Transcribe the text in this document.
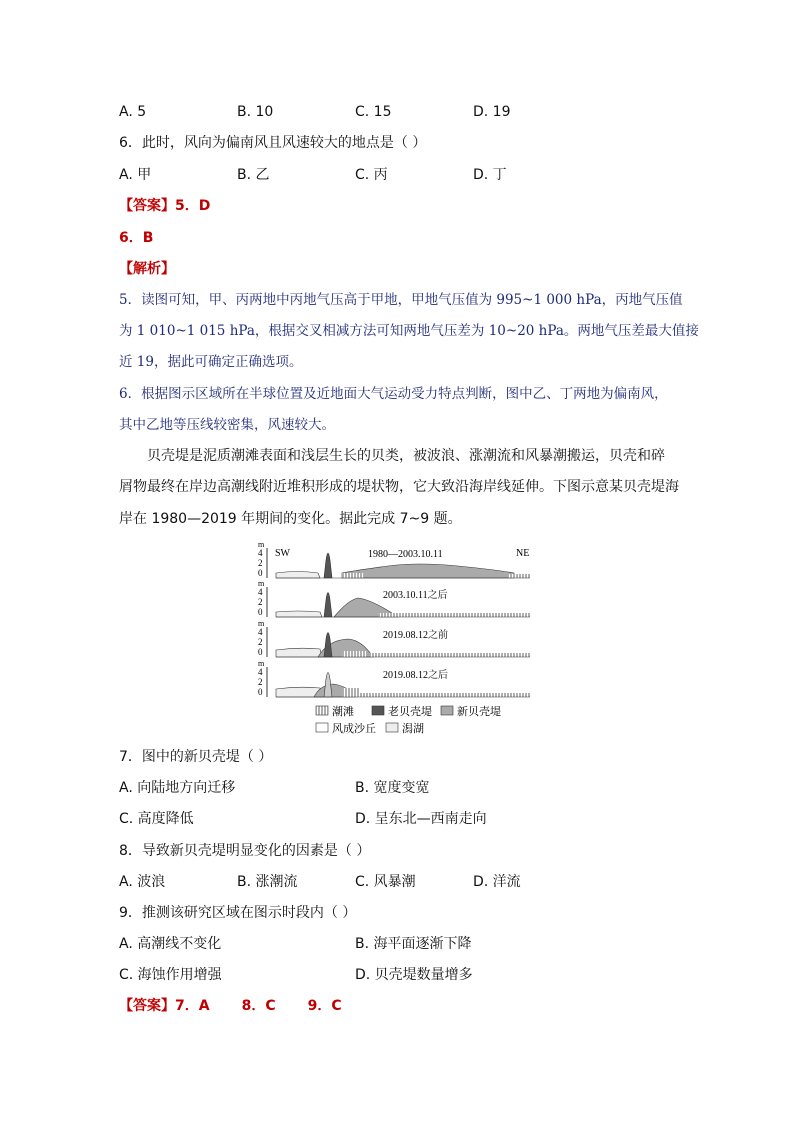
A. 5	B. 10	C. 15	D. 19
6．此时，风向为偏南风且风速较大的地点是（ ）
A. 甲	B. 乙	C. 丙	D. 丁
【答案】5．D
6．B
【解析】
5．读图可知，甲、丙两地中丙地气压高于甲地，甲地气压值为 995~1 000 hPa，丙地气压值
为 1 010~1 015 hPa，根据交叉相减方法可知两地气压差为 10~20 hPa。两地气压差最大值接
近 19，据此可确定正确选项。
6．根据图示区域所在半球位置及近地面大气运动受力特点判断，图中乙、丁两地为偏南风，
其中乙地等压线较密集，风速较大。
贝壳堤是泥质潮滩表面和浅层生长的贝类，被波浪、涨潮流和风暴潮搬运，贝壳和碎
屑物最终在岸边高潮线附近堆积形成的堤状物，它大致沿海岸线延伸。下图示意某贝壳堤海
岸在 1980—2019 年期间的变化。据此完成 7~9 题。
m
4
2
0
SW	NE
1980—2003.10.11
m
4
2
0
2003.10.11之后
m
4
2
0
2019.08.12之前
m
4
2
0
2019.08.12之后
潮滩	老贝壳堤 新贝壳堤
风成沙丘 潟湖
7．图中的新贝壳堤（ ）
A. 向陆地方向迁移	B. 宽度变宽
C. 高度降低	D. 呈东北—西南走向
8．导致新贝壳堤明显变化的因素是（ ）
A. 波浪	B. 涨潮流	C. 风暴潮	D. 洋流
9．推测该研究区域在图示时段内（ ）
A. 高潮线不变化	B. 海平面逐渐下降
C. 海蚀作用增强	D. 贝壳堤数量增多
【答案】7．A 8．C 9．C
